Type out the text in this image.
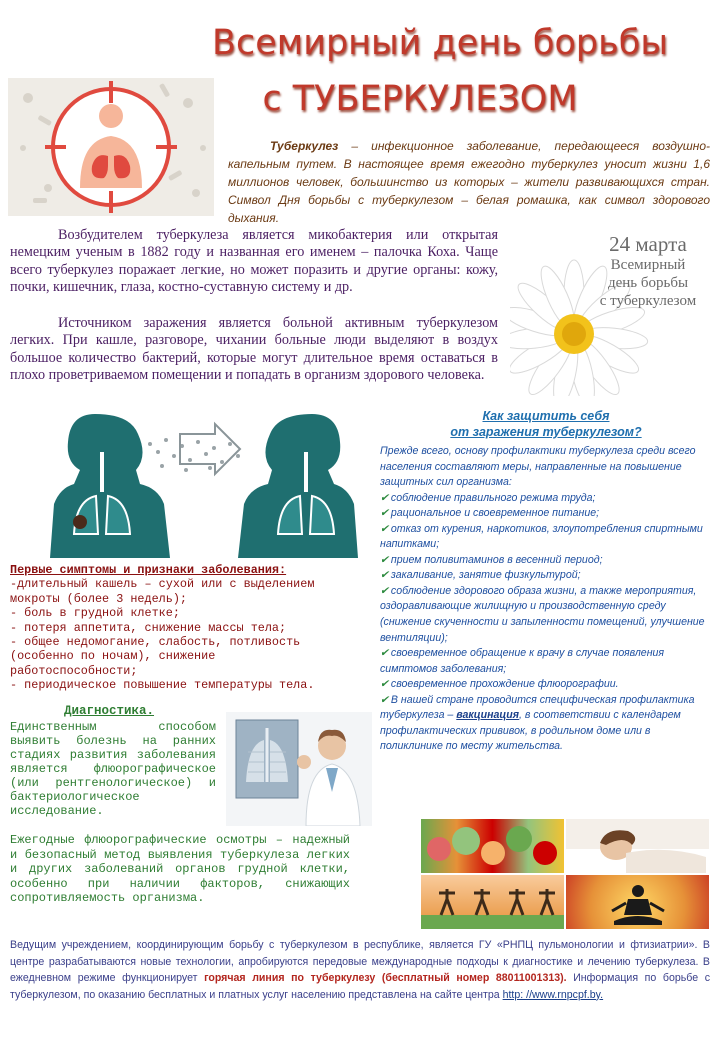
Всемирный день борьбы
с ТУБЕРКУЛЕЗОМ
Туберкулез – инфекционное заболевание, передающееся воздушно-капельным путем. В настоящее время ежегодно туберкулез уносит жизни 1,6 миллионов человек, большинство из которых – жители развивающихся стран. Символ Дня борьбы с туберкулезом – белая ромашка, как символ здорового дыхания.
Возбудителем туберкулеза является микобактерия или открытая немецким ученым в 1882 году и названная его именем – палочка Коха. Чаще всего туберкулез поражает легкие, но может поразить и другие органы: кожу, почки, кишечник, глаза, костно-суставную систему и др.
Источником заражения является больной активным туберкулезом легких. При кашле, разговоре, чихании больные люди выделяют в воздух большое количество бактерий, которые могут длительное время оставаться в плохо проветриваемом помещении и попадать в организм здорового человека.
24 марта
Всемирный
день борьбы
с туберкулезом
Как защитить себя
от заражения туберкулезом?
Прежде всего, основу профилактики туберкулеза среди всего населения составляют меры, направленные на повышение защитных сил организма:
✔ соблюдение правильного режима труда;
✔ рациональное и своевременное питание;
✔ отказ от курения, наркотиков, злоупотребления спиртными напитками;
✔ прием поливитаминов в весенний период;
✔ закаливание, занятие физкультурой;
✔ соблюдение здорового образа жизни, а также мероприятия, оздоравливающие жилищную и производственную среду (снижение скученности и запыленности помещений, улучшение вентиляции);
✔ своевременное обращение к врачу в случае появления симптомов заболевания;
✔ своевременное прохождение флюорографии.
✔ В нашей стране проводится специфическая профилактика туберкулеза – вакцинация, в соответствии с календарем профилактических прививок, в родильном доме или в поликлинике по месту жительства.
Первые симптомы и признаки заболевания:
-длительный кашель – сухой или с выделением мокроты (более 3 недель);
- боль в грудной клетке;
- потеря аппетита, снижение массы тела;
- общее недомогание, слабость, потливость (особенно по ночам), снижение работоспособности;
- периодическое повышение температуры тела.
Диагностика.
Единственным способом выявить болезнь на ранних стадиях развития заболевания является флюорографическое (или рентгенологическое) и бактериологическое исследование.
Ежегодные флюорографические осмотры – надежный и безопасный метод выявления туберкулеза легких и других заболеваний органов грудной клетки, особенно при наличии факторов, снижающих сопротивляемость организма.
Ведущим учреждением, координирующим борьбу с туберкулезом в республике, является ГУ «РНПЦ пульмонологии и фтизиатрии». В центре разрабатываются новые технологии, апробируются передовые международные подходы к диагностике и лечению туберкулеза. В ежедневном режиме функционирует горячая линия по туберкулезу (бесплатный номер 88011001313). Информация по борьбе с туберкулезом, по оказанию бесплатных и платных услуг населению представлена на сайте центра http: //www.rnpcpf.by.
